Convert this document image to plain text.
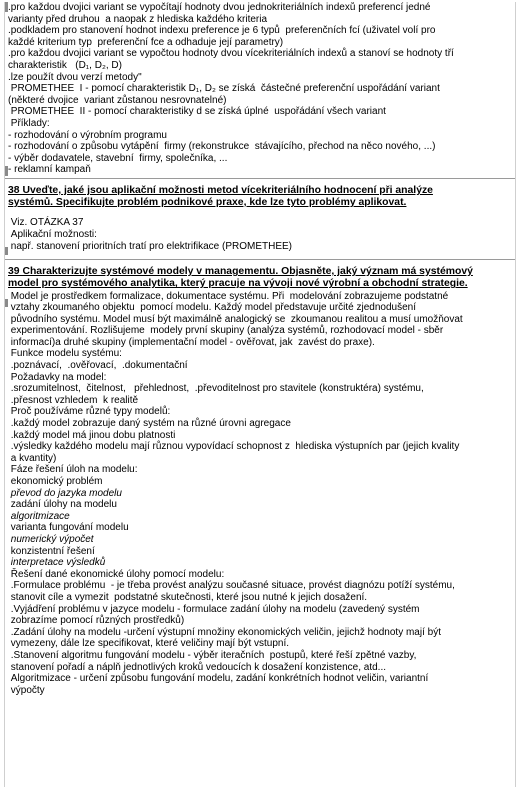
.pro každou dvojici variant se vypočítají hodnoty dvou jednokriteriálních indexů preferencí jedné

varianty před druhou  a naopak z hlediska každého kriteria

.podkladem pro stanovení hodnot indexu preference je 6 typů  preferenčních fcí (uživatel volí pro

každé kriterium typ  preferenční fce a odhaduje její parametry)

.pro každou dvojici variant se vypočtou hodnoty dvou vícekriteriálních indexů a stanoví se hodnoty tří

charakteristik   (D₁, D₂, D)

.lze použít dvou verzí metody"

PROMETHEE  I - pomocí charakteristik D₁, D₂ se získá  částečné preferenční uspořádání variant

(některé dvojice  variant zůstanou nesrovnatelné)

PROMETHEE  II - pomocí charakteristiky d se získá úplné  uspořádání všech variant

Příklady:

- rozhodování o výrobním programu

- rozhodování o způsobu vytápění  firmy (rekonstrukce  stávajícího, přechod na něco nového, ...)

- výběr dodavatele, stavební  firmy, společníka, ...

- reklamní kampaň

38 Uveďte, jaké jsou aplikační možnosti metod vícekriteriálního hodnocení při analýze

systémů. Specifikujte problém podnikové praxe, kde lze tyto problémy aplikovat.

Viz. OTÁZKA 37

Aplikační možnosti:

např. stanovení prioritních tratí pro elektrifikace (PROMETHEE)

39 Charakterizujte systémové modely v managementu. Objasněte, jaký význam má systémový

model pro systémového analytika, který pracuje na vývoji nové výrobní a obchodní strategie.

Model je prostředkem formalizace, dokumentace systému. Při  modelování zobrazujeme podstatné

vztahy zkoumaného objektu  pomocí modelu. Každý model představuje určité zjednodušení

původního systému. Model musí být maximálně analogický se  zkoumanou realitou a musí umožňovat

experimentování. Rozlišujeme  modely první skupiny (analýza systémů, rozhodovací model - sběr

informací)a druhé skupiny (implementační model - ověřovat, jak  zavést do praxe).

Funkce modelu systému:

.poznávací,  .ověřovací,  .dokumentační

Požadavky na model:

.srozumitelnost,  čitelnost,   přehlednost,  .převoditelnost pro stavitele (konstruktéra) systému,

.přesnost vzhledem  k realitě

Proč používáme různé typy modelů:

.každý model zobrazuje daný systém na různé úrovni agregace

.každý model má jinou dobu platnosti

.výsledky každého modelu mají různou vypovídací schopnost z  hlediska výstupních par (jejich kvality

a kvantity)

Fáze řešení úloh na modelu:

ekonomický problém

převod do jazyka modelu

zadání úlohy na modelu

algoritmizace

varianta fungování modelu

numerický výpočet

konzistentní řešení

interpretace výsledků

Řešení dané ekonomické úlohy pomocí modelu:

.Formulace problému  - je třeba provést analýzu současné situace, provést diagnózu potíží systému,

stanovit cíle a vymezit  podstatné skutečnosti, které jsou nutné k jejich dosažení.

.Vyjádření problému v jazyce modelu - formulace zadání úlohy na modelu (zavedený systém

zobrazíme pomocí různých prostředků)

.Zadání úlohy na modelu -určení výstupní množiny ekonomických veličin, jejichž hodnoty mají být

vymezeny, dále lze specifikovat, které veličiny mají být vstupní.

.Stanovení algoritmu fungování modelu - výběr iteračních  postupů, které řeší zpětné vazby,

stanovení pořadí a náplň jednotlivých kroků vedoucích k dosažení konzistence, atd...

Algoritmizace - určení způsobu fungování modelu, zadání konkrétních hodnot veličin, variantní

výpočty
